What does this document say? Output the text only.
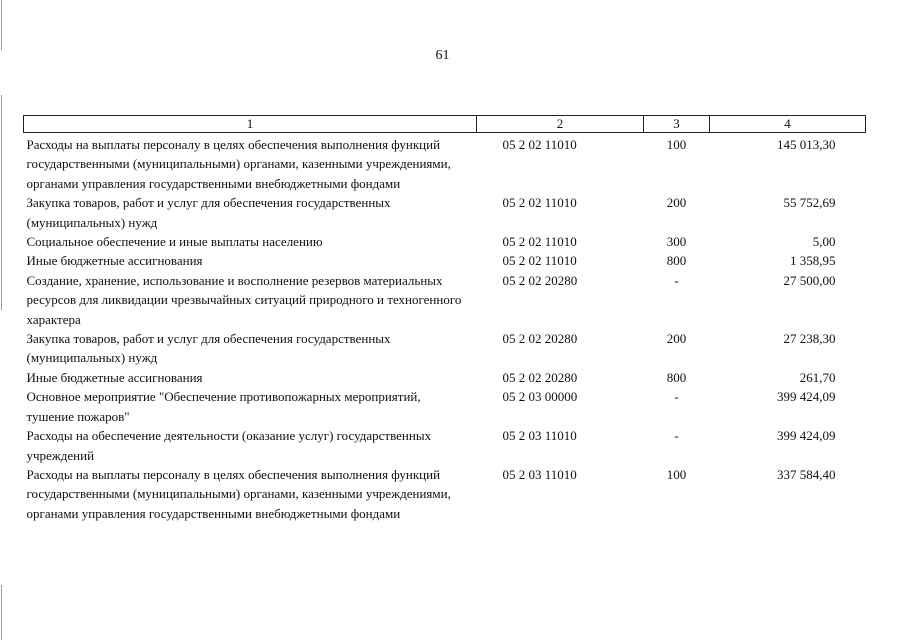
61
1	2	3	4
Расходы на выплаты персоналу в целях обеспечения выполнения функций государственными (муниципальными) органами, казенными учреждениями, органами управления государственными внебюджетными фондами	05 2 02 11010	100	145 013,30
Закупка товаров, работ и услуг для обеспечения государственных (муниципальных) нужд	05 2 02 11010	200	55 752,69
Социальное обеспечение и иные выплаты населению	05 2 02 11010	300	5,00
Иные бюджетные ассигнования	05 2 02 11010	800	1 358,95
Создание, хранение, использование и восполнение резервов материальных ресурсов для ликвидации чрезвычайных ситуаций природного и техногенного характера	05 2 02 20280	-	27 500,00
Закупка товаров, работ и услуг для обеспечения государственных (муниципальных) нужд	05 2 02 20280	200	27 238,30
Иные бюджетные ассигнования	05 2 02 20280	800	261,70
Основное мероприятие "Обеспечение противопожарных мероприятий, тушение пожаров"	05 2 03 00000	-	399 424,09
Расходы на обеспечение деятельности (оказание услуг) государственных учреждений	05 2 03 11010	-	399 424,09
Расходы на выплаты персоналу в целях обеспечения выполнения функций государственными (муниципальными) органами, казенными учреждениями, органами управления государственными внебюджетными фондами	05 2 03 11010	100	337 584,40
